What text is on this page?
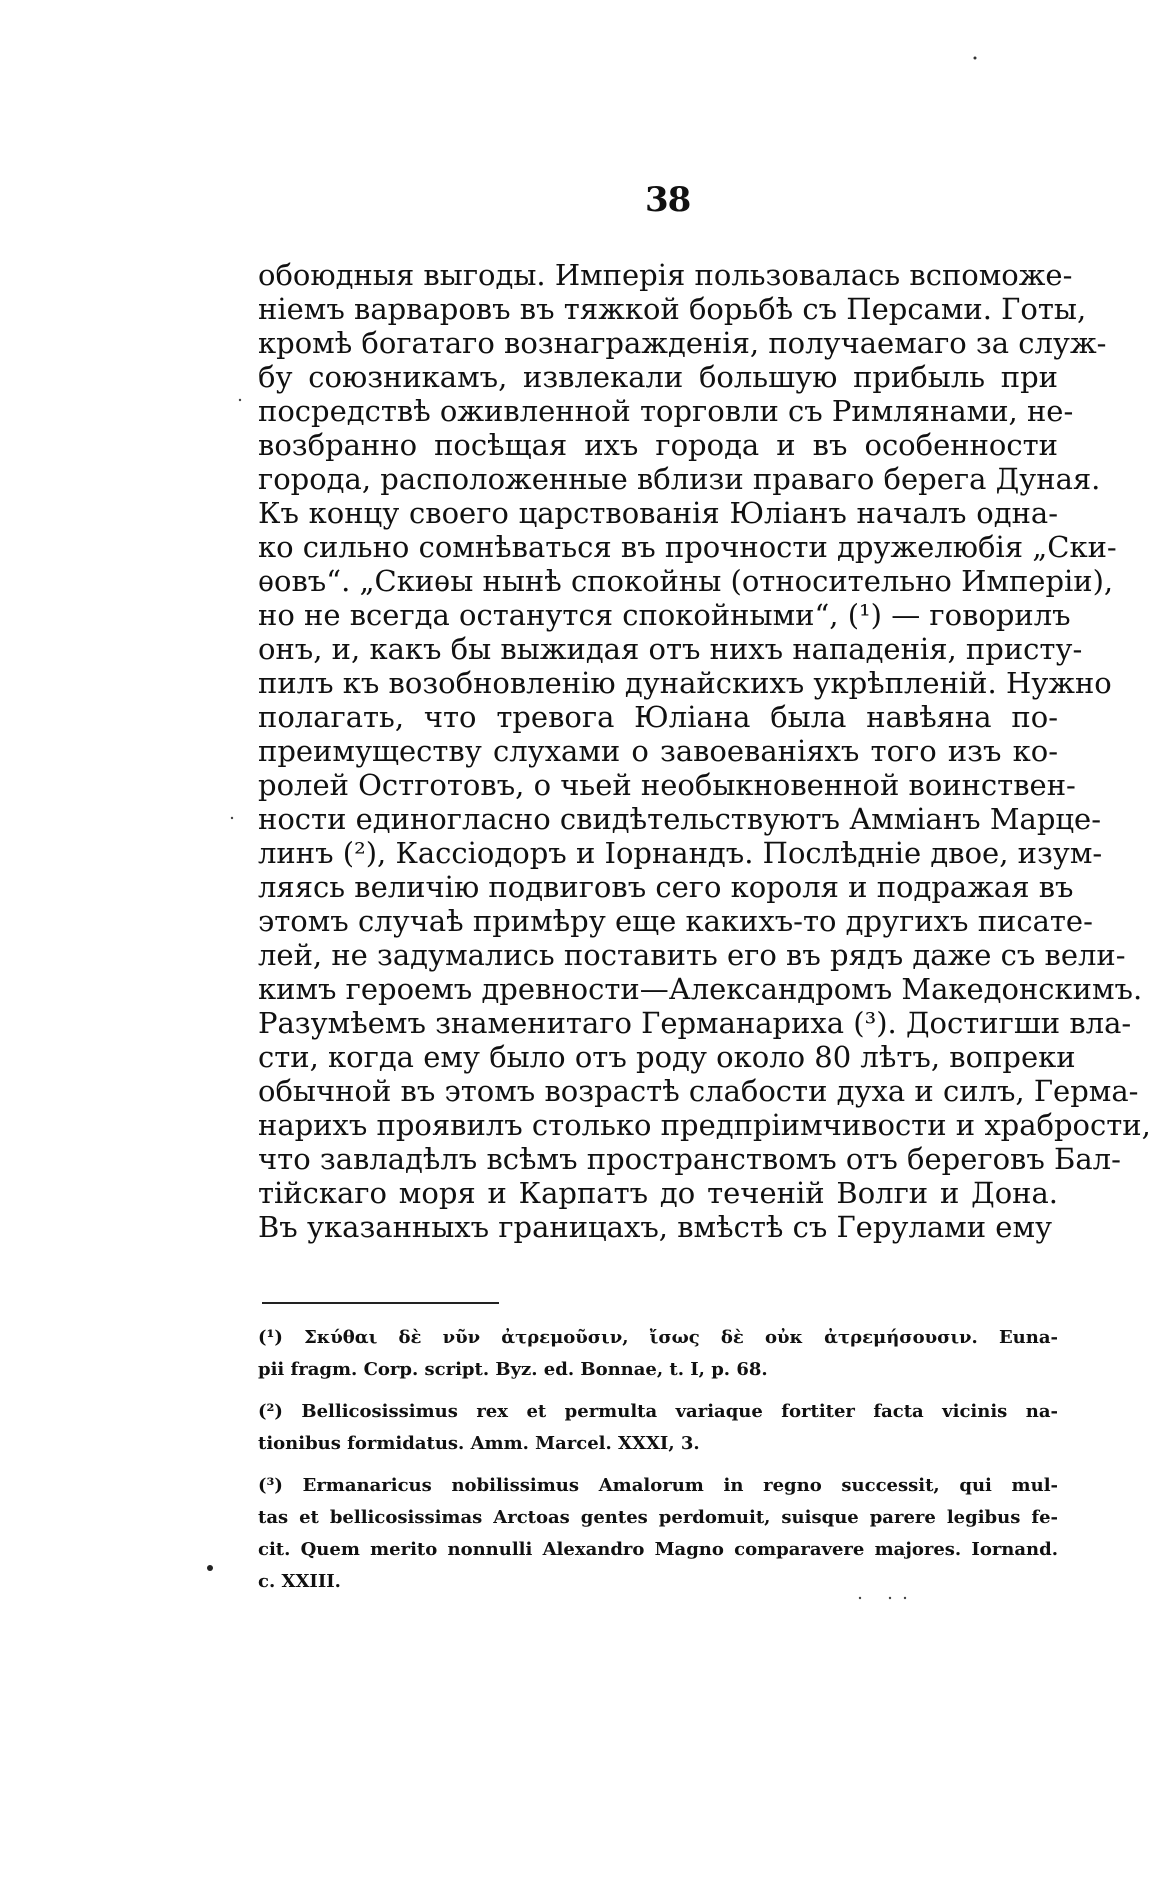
38
обоюдныя выгоды. Имперія пользовалась вспоможе-
ніемъ варваровъ въ тяжкой борьбѣ съ Персами. Готы,
кромѣ богатаго вознагражденія, получаемаго за служ-
бу союзникамъ, извлекали большую прибыль при
посредствѣ оживленной торговли съ Римлянами, не-
возбранно посѣщая ихъ города и въ особенности
города, расположенные вблизи праваго берега Дуная.
Къ концу своего царствованія Юліанъ началъ одна-
ко сильно сомнѣваться въ прочности дружелюбія „Ски-
ѳовъ“. „Скиѳы нынѣ спокойны (относительно Имперіи),
но не всегда останутся спокойными“, (¹) — говорилъ
онъ, и, какъ бы выжидая отъ нихъ нападенія, присту-
пилъ къ возобновленію дунайскихъ укрѣпленій. Нужно
полагать, что тревога Юліана была навѣяна по-
преимуществу слухами о завоеваніяхъ того изъ ко-
ролей Остготовъ, о чьей необыкновенной воинствен-
ности единогласно свидѣтельствуютъ Амміанъ Марце-
линъ (²), Кассіодоръ и Іорнандъ. Послѣдніе двое, изум-
ляясь величію подвиговъ сего короля и подражая въ
этомъ случаѣ примѣру еще какихъ-то другихъ писате-
лей, не задумались поставить его въ рядъ даже съ вели-
кимъ героемъ древности—Александромъ Македонскимъ.
Разумѣемъ знаменитаго Германариха (³). Достигши вла-
сти, когда ему было отъ роду около 80 лѣтъ, вопреки
обычной въ этомъ возрастѣ слабости духа и силъ, Герма-
нарихъ проявилъ столько предпріимчивости и храбрости,
что завладѣлъ всѣмъ пространствомъ отъ береговъ Бал-
тійскаго моря и Карпатъ до теченій Волги и Дона.
Въ указанныхъ границахъ, вмѣстѣ съ Герулами ему
(¹) Σκύθαι δὲ νῦν ἀτρεμοῦσιν, ἴσως δὲ οὐκ ἀτρεμήσουσιν. Eunа-
pii fragm. Corp. script. Byz. ed. Bonnae, t. I, p. 68.
(²) Bellicosissimus rex et permulta variaque fortiter facta vicinis na-
tionibus formidatus. Amm. Marcel. XXXI, 3.
(³) Ermanaricus nobilissimus Amalorum in regno successit, qui mul-
tas et bellicosissimas Arctoas gentes perdomuit, suisque parere legibus fe-
cit. Quem merito nonnulli Alexandro Magno comparavere majores. Iornand.
c. XXIII.
